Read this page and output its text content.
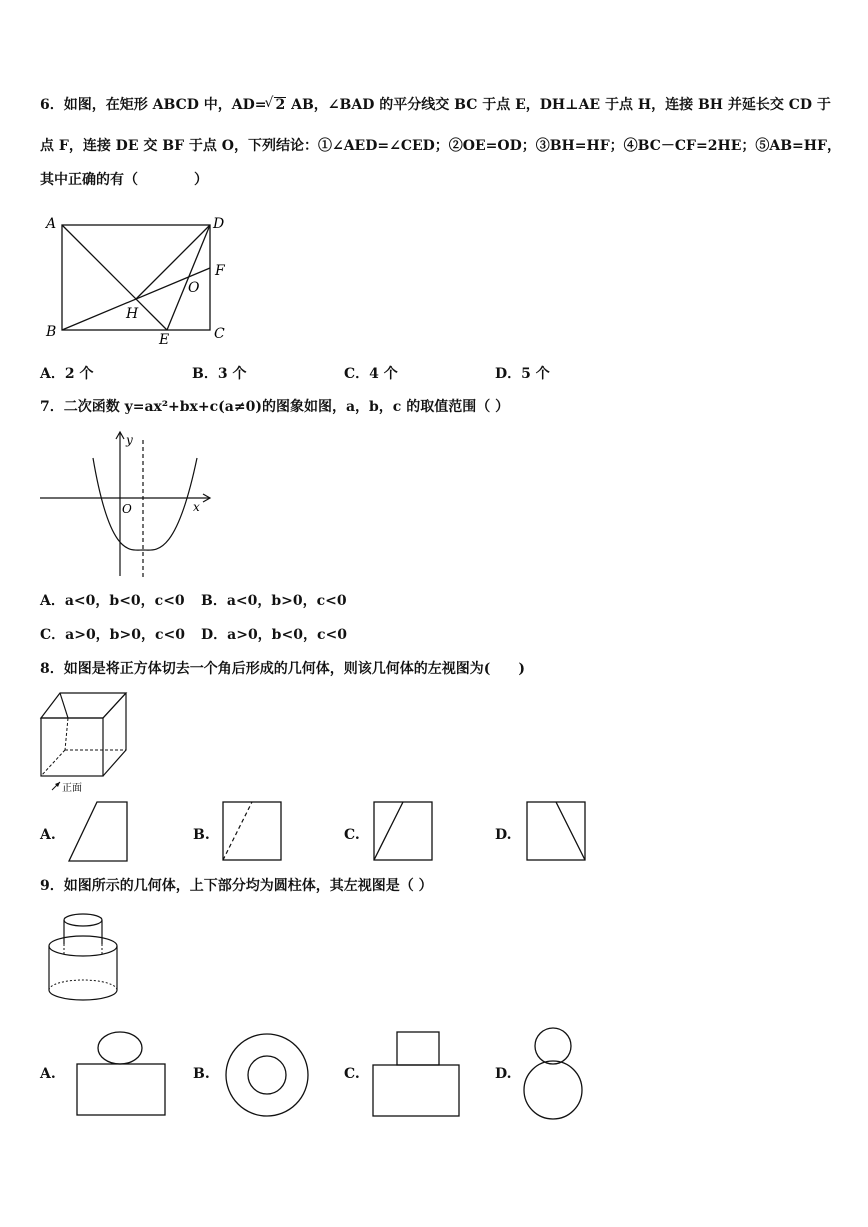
6．如图，在矩形 ABCD 中，AD=√ 2 AB，∠BAD 的平分线交 BC 于点 E，DH⊥AE 于点 H，连接 BH 并延长交 CD 于
点 F，连接 DE 交 BF 于点 O，下列结论：①∠AED=∠CED；②OE=OD；③BH=HF；④BC－CF=2HE；⑤AB=HF，
其中正确的有（　　　　）
A	D
B	C
E
F
H
O
A．2 个	B．3 个	C．4 个	D．5 个
7．二次函数 y=ax²+bx+c(a≠0)的图象如图，a，b，c 的取值范围（ ）
y
x
O
A．a<0，b<0，c<0 B．a<0，b>0，c<0
C．a>0，b>0，c<0 D．a>0，b<0，c<0
8．如图是将正方体切去一个角后形成的几何体，则该几何体的左视图为(　　)
正面
A.	B.	C.	D.
9．如图所示的几何体，上下部分均为圆柱体，其左视图是（ ）
A.	B.	C.	D.
